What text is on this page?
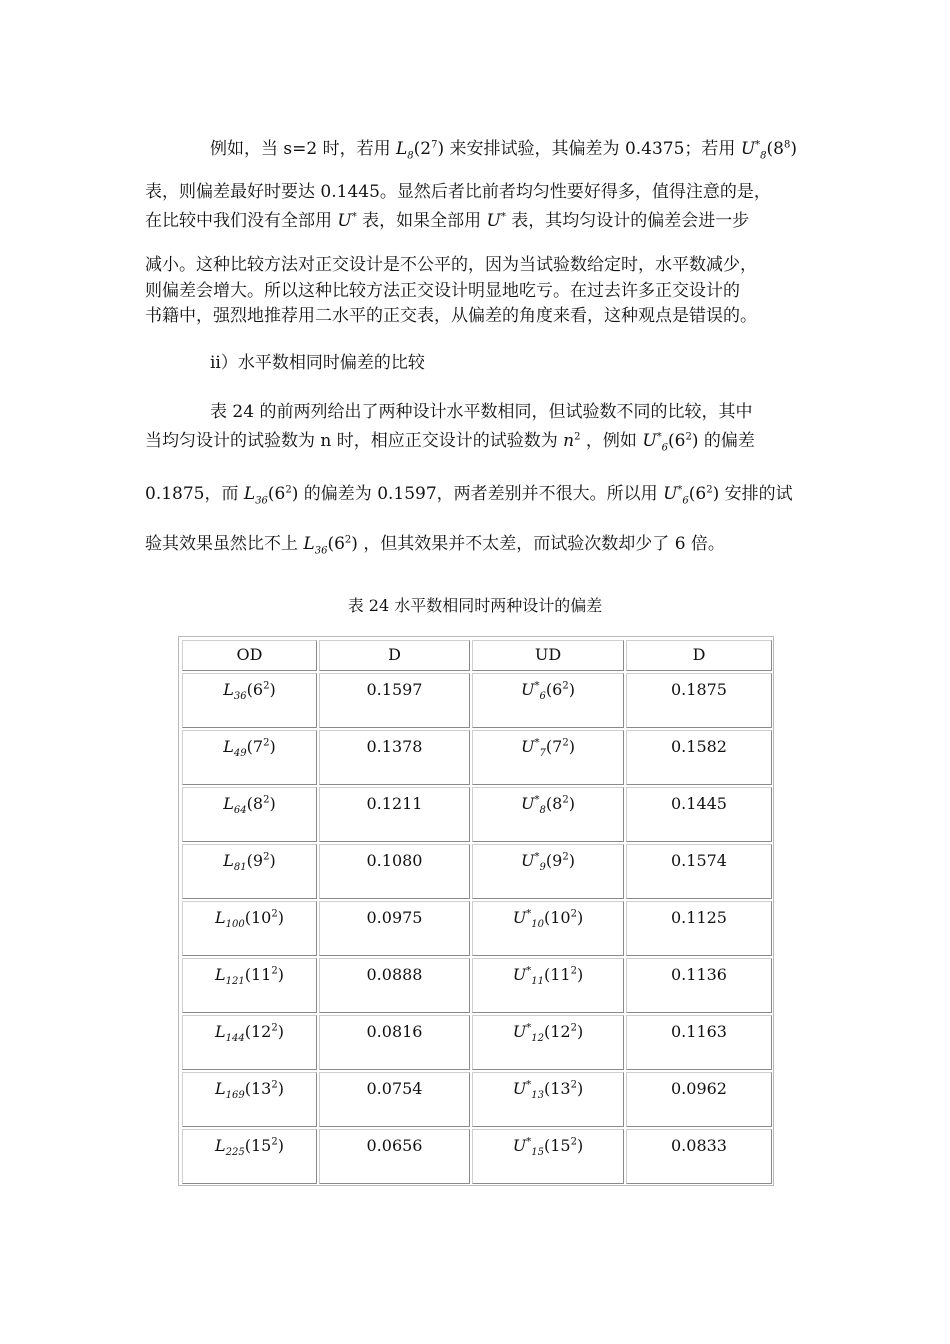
例如，当 s=2 时，若用 $L_8(2^7)$ 来安排试验，其偏差为 0.4375；若用 $U^*_8(8^8)$
表，则偏差最好时要达 0.1445。显然后者比前者均匀性要好得多，值得注意的是，
在比较中我们没有全部用 U* 表，如果全部用 U* 表，其均匀设计的偏差会进一步
减小。这种比较方法对正交设计是不公平的，因为当试验数给定时，水平数减少，
则偏差会增大。所以这种比较方法正交设计明显地吃亏。在过去许多正交设计的
书籍中，强烈地推荐用二水平的正交表，从偏差的角度来看，这种观点是错误的。
ii）水平数相同时偏差的比较
表 24 的前两列给出了两种设计水平数相同，但试验数不同的比较，其中
当均匀设计的试验数为 n 时，相应正交设计的试验数为 $n^2$ ，例如 $U^*_6(6^2)$ 的偏差
0.1875，而 $L_{36}(6^2)$ 的偏差为 0.1597，两者差别并不很大。所以用 $U^*_6(6^2)$ 安排的试
验其效果虽然比不上 $L_{36}(6^2)$ ，但其效果并不太差，而试验次数却少了 6 倍。
表 24 水平数相同时两种设计的偏差
OD	D	UD	D
$L_{36}(6^2)$	0.1597	$U^*_6(6^2)$	0.1875
$L_{49}(7^2)$	0.1378	$U^*_7(7^2)$	0.1582
$L_{64}(8^2)$	0.1211	$U^*_8(8^2)$	0.1445
$L_{81}(9^2)$	0.1080	$U^*_9(9^2)$	0.1574
$L_{100}(10^2)$	0.0975	$U^*_{10}(10^2)$	0.1125
$L_{121}(11^2)$	0.0888	$U^*_{11}(11^2)$	0.1136
$L_{144}(12^2)$	0.0816	$U^*_{12}(12^2)$	0.1163
$L_{169}(13^2)$	0.0754	$U^*_{13}(13^2)$	0.0962
$L_{225}(15^2)$	0.0656	$U^*_{15}(15^2)$	0.0833
